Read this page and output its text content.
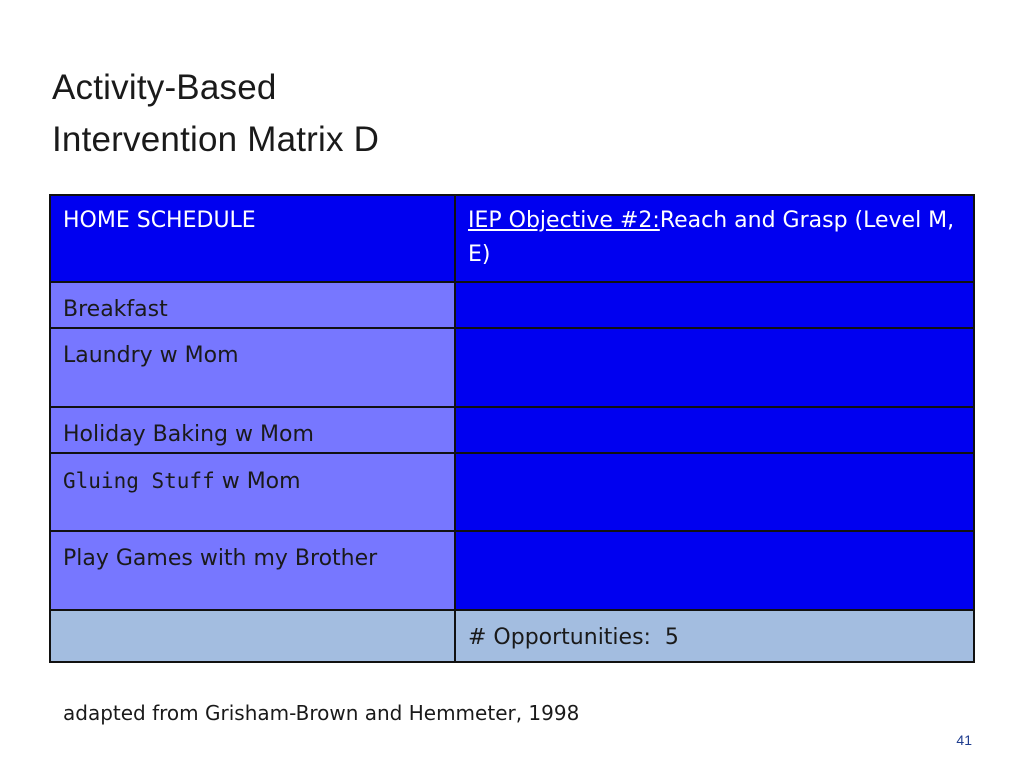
Activity-Based
Intervention Matrix D
HOME SCHEDULE	IEP Objective #2:Reach and Grasp (Level M, E)
Breakfast	
Laundry w Mom	
Holiday Baking w Mom	
Gluing Stuff w Mom	
Play Games with my Brother	
	# Opportunities:  5
adapted from Grisham-Brown and Hemmeter, 1998
41
